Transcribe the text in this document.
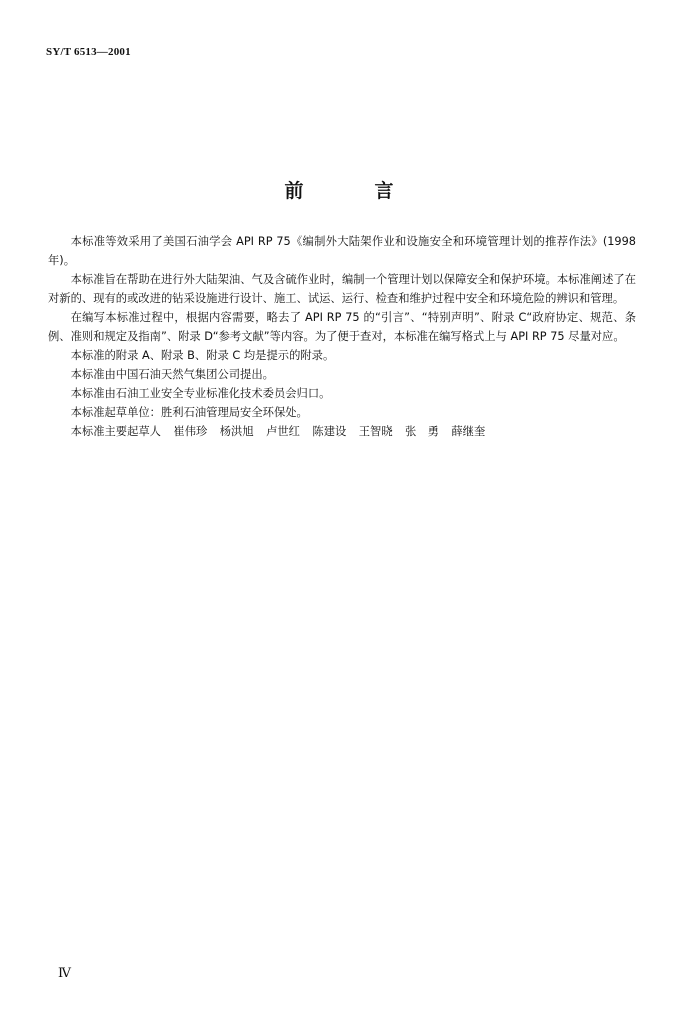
SY/T 6513—2001
前　言

本标准等效采用了美国石油学会 API RP 75《编制外大陆架作业和设施安全和环境管理计划的推荐作法》(1998 年)。

本标准旨在帮助在进行外大陆架油、气及含硫作业时，编制一个管理计划以保障安全和保护环境。本标准阐述了在对新的、现有的或改进的钻采设施进行设计、施工、试运、运行、检查和维护过程中安全和环境危险的辨识和管理。

在编写本标准过程中，根据内容需要，略去了 API RP 75 的“引言”、“特别声明”、附录 C“政府协定、规范、条例、准则和规定及指南”、附录 D“参考文献”等内容。为了便于查对，本标准在编写格式上与 API RP 75 尽量对应。

本标准的附录 A、附录 B、附录 C 均是提示的附录。

本标准由中国石油天然气集团公司提出。

本标准由石油工业安全专业标准化技术委员会归口。

本标准起草单位：胜利石油管理局安全环保处。

本标准主要起草人 崔伟珍 杨洪旭 卢世红 陈建设 王智晓 张　勇 薛继奎

Ⅳ
